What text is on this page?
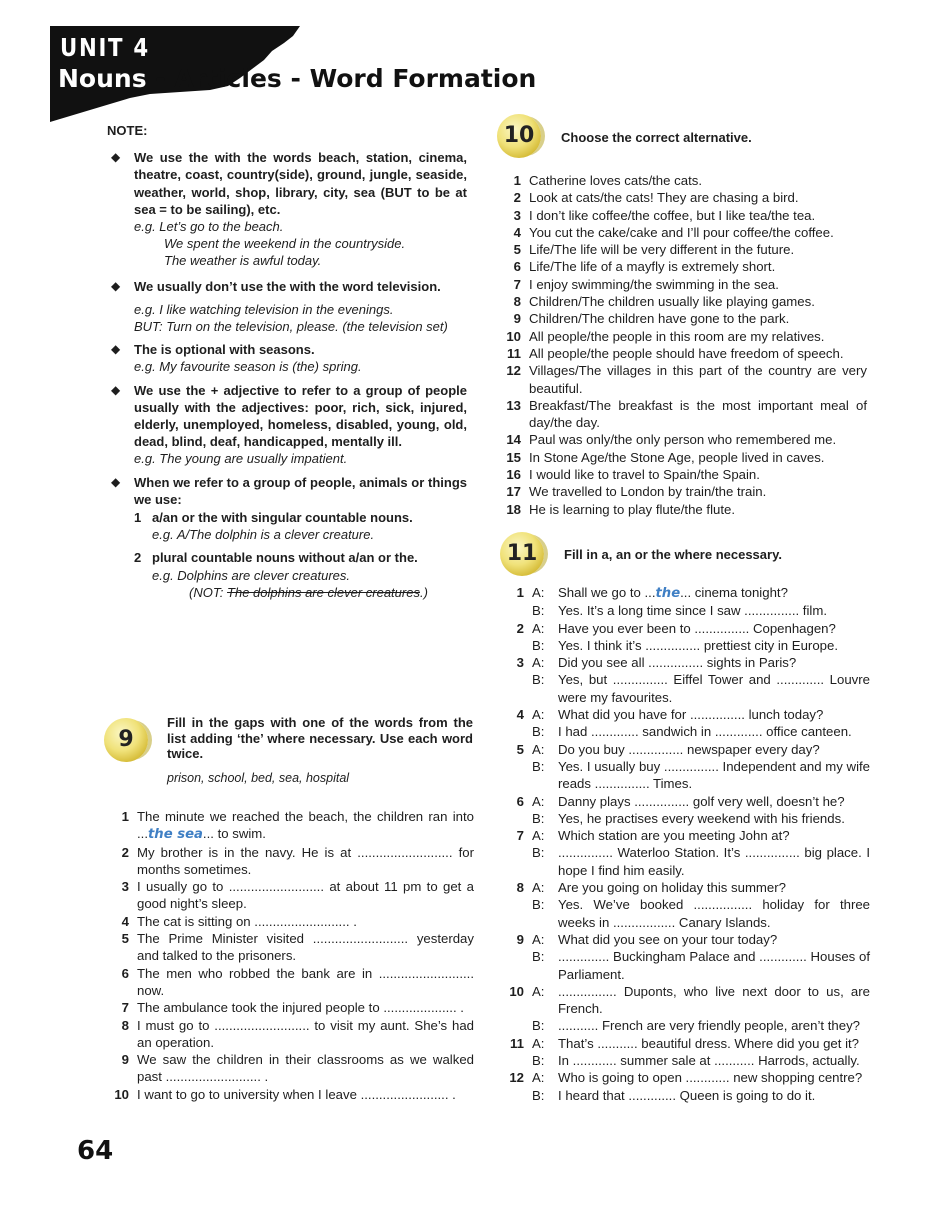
UNIT 4
Nouns - Articles - Word Formation
NOTE:
◆ We use the with the words beach, station, cinema, theatre, coast, country(side), ground, jungle, seaside, weather, world, shop, library, city, sea (BUT to be at sea = to be sailing), etc.
e.g. Let’s go to the beach.
We spent the weekend in the countryside.
The weather is awful today.
◆ We usually don’t use the with the word television.
e.g. I like watching television in the evenings.
BUT: Turn on the television, please. (the television set)
◆ The is optional with seasons.
e.g. My favourite season is (the) spring.
◆ We use the + adjective to refer to a group of people usually with the adjectives: poor, rich, sick, injured, elderly, unemployed, homeless, disabled, young, old, dead, blind, deaf, handicapped, mentally ill.
e.g. The young are usually impatient.
◆ When we refer to a group of people, animals or things we use:
1 a/an or the with singular countable nouns.
e.g. A/The dolphin is a clever creature.
2 plural countable nouns without a/an or the.
e.g. Dolphins are clever creatures.
(NOT: The dolphins are clever creatures.)
9
Fill in the gaps with one of the words from the list adding ‘the’ where necessary. Use each word twice.
prison, school, bed, sea, hospital
1 The minute we reached the beach, the children ran into ...the sea... to swim.
2 My brother is in the navy. He is at .......................... for months sometimes.
3 I usually go to .......................... at about 11 pm to get a good night’s sleep.
4 The cat is sitting on .......................... .
5 The Prime Minister visited .......................... yesterday and talked to the prisoners.
6 The men who robbed the bank are in .......................... now.
7 The ambulance took the injured people to .................... .
8 I must go to .......................... to visit my aunt. She’s had an operation.
9 We saw the children in their classrooms as we walked past .......................... .
10 I want to go to university when I leave ........................ .
10	Choose the correct alternative.
1 Catherine loves cats/the cats.
2 Look at cats/the cats! They are chasing a bird.
3 I don’t like coffee/the coffee, but I like tea/the tea.
4 You cut the cake/cake and I’ll pour coffee/the coffee.
5 Life/The life will be very different in the future.
6 Life/The life of a mayfly is extremely short.
7 I enjoy swimming/the swimming in the sea.
8 Children/The children usually like playing games.
9 Children/The children have gone to the park.
10 All people/the people in this room are my relatives.
11 All people/the people should have freedom of speech.
12 Villages/The villages in this part of the country are very beautiful.
13 Breakfast/The breakfast is the most important meal of day/the day.
14 Paul was only/the only person who remembered me.
15 In Stone Age/the Stone Age, people lived in caves.
16 I would like to travel to Spain/the Spain.
17 We travelled to London by train/the train.
18 He is learning to play flute/the flute.
11	Fill in a, an or the where necessary.
1 A:	Shall we go to ...the... cinema tonight?
B:	Yes. It’s a long time since I saw ............... film.
2 A:	Have you ever been to ............... Copenhagen?
B:	Yes. I think it’s ............... prettiest city in Europe.
3 A:	Did you see all ............... sights in Paris?
B:	Yes, but ............... Eiffel Tower and ............. Louvre were my favourites.
4 A:	What did you have for ............... lunch today?
B:	I had ............. sandwich in ............. office canteen.
5 A:	Do you buy ............... newspaper every day?
B:	Yes. I usually buy ............... Independent and my wife reads ............... Times.
6 A:	Danny plays ............... golf very well, doesn’t he?
B:	Yes, he practises every weekend with his friends.
7 A:	Which station are you meeting John at?
B:	............... Waterloo Station. It’s ............... big place. I hope I find him easily.
8 A:	Are you going on holiday this summer?
B:	Yes. We’ve booked ................ holiday for three weeks in ................. Canary Islands.
9 A:	What did you see on your tour today?
B:	.............. Buckingham Palace and ............. Houses of Parliament.
10 A:	................ Duponts, who live next door to us, are French.
B:	........... French are very friendly people, aren’t they?
11 A:	That’s ........... beautiful dress. Where did you get it?
B:	In ............ summer sale at ........... Harrods, actually.
12 A:	Who is going to open ............ new shopping centre?
B:	I heard that ............. Queen is going to do it.
64
